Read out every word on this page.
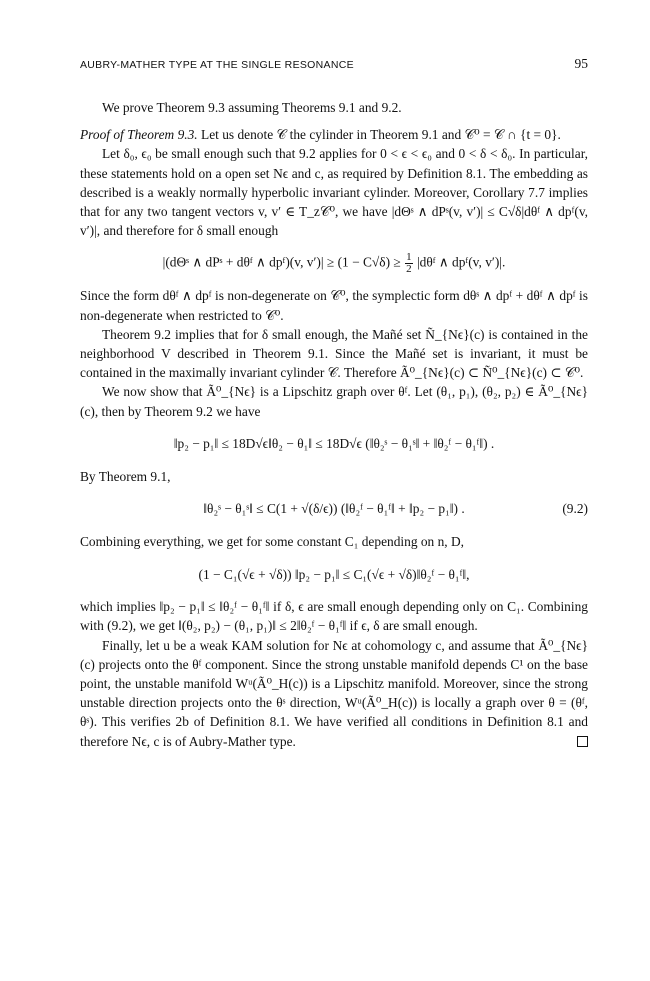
AUBRY-MATHER TYPE AT THE SINGLE RESONANCE	95

We prove Theorem 9.3 assuming Theorems 9.1 and 9.2.

Proof of Theorem 9.3. Let us denote 𝒞 the cylinder in Theorem 9.1 and 𝒞⁰ = 𝒞 ∩ {t = 0}.

Let δ₀, ϵ₀ be small enough such that 9.2 applies for 0 < ϵ < ϵ₀ and 0 < δ < δ₀. In particular, these statements hold on a open set Nϵ and c, as required by Definition 8.1. The embedding as described is a weakly normally hyperbolic invariant cylinder. Moreover, Corollary 7.7 implies that for any two tangent vectors v, v′ ∈ T_z𝒞⁰, we have |dΘˢ ∧ dPˢ(v, v′)| ≤ C√δ|dθᶠ ∧ dpᶠ(v, v′)|, and therefore for δ small enough

|(dΘˢ ∧ dPˢ + dθᶠ ∧ dpᶠ)(v, $v')| \ge (1 - C√\delta) \ge \frac{1}{2}$ |dθᶠ ∧ dpᶠ(v, v′)|.

Since the form dθᶠ ∧ dpᶠ is non-degenerate on 𝒞⁰, the symplectic form dθˢ ∧ dpᶠ + dθᶠ ∧ dpᶠ is non-degenerate when restricted to 𝒞⁰.

Theorem 9.2 implies that for δ small enough, the Mañé set Ñ_{Nϵ}(c) is contained in the neighborhood V described in Theorem 9.1. Since the Mañé set is invariant, it must be contained in the maximally invariant cylinder 𝒞. Therefore Ã⁰_{Nϵ}(c) ⊂ Ñ⁰_{Nϵ}(c) ⊂ 𝒞⁰.

We now show that Ã⁰_{Nϵ} is a Lipschitz graph over θᶠ. Let (θ₁, p₁), (θ₂, p₂) ∈ Ã⁰_{Nϵ}(c), then by Theorem 9.2 we have

‖p₂ − p₁‖ ≤ 18D√ϵ‖θ₂ − θ₁‖ ≤ 18D√ϵ (‖θ₂ˢ − θ₁ˢ‖ + ‖θ₂ᶠ − θ₁ᶠ‖) .

By Theorem 9.1,

‖θ₂ˢ − θ₁ˢ‖ ≤ C(1 + √(δ/ϵ)) (‖θ₂ᶠ − θ₁ᶠ‖ + ‖p₂ − p₁‖) .	(9.2)

Combining everything, we get for some constant C₁ depending on n, D,

(1 − C₁(√ϵ + √δ)) ‖p₂ − p₁‖ ≤ C₁(√ϵ + √δ)‖θ₂ᶠ − θ₁ᶠ‖,

which implies ‖p₂ − p₁‖ ≤ ‖θ₂ᶠ − θ₁ᶠ‖ if δ, ϵ are small enough depending only on C₁. Combining with (9.2), we get ‖(θ₂, p₂) − (θ₁, p₁)‖ ≤ 2‖θ₂ᶠ − θ₁ᶠ‖ if ϵ, δ are small enough.

Finally, let u be a weak KAM solution for Nϵ at cohomology c, and assume that Ã⁰_{Nϵ}(c) projects onto the θᶠ component. Since the strong unstable manifold depends C¹ on the base point, the unstable manifold Wᵘ(Ã⁰_H(c)) is a Lipschitz manifold. Moreover, since the strong unstable direction projects onto the θˢ direction, Wᵘ(Ã⁰_H(c)) is locally a graph over θ = (θᶠ, θˢ). This verifies 2b of Definition 8.1. We have verified all conditions in Definition 8.1 and therefore Nϵ, c is of Aubry-Mather type.
